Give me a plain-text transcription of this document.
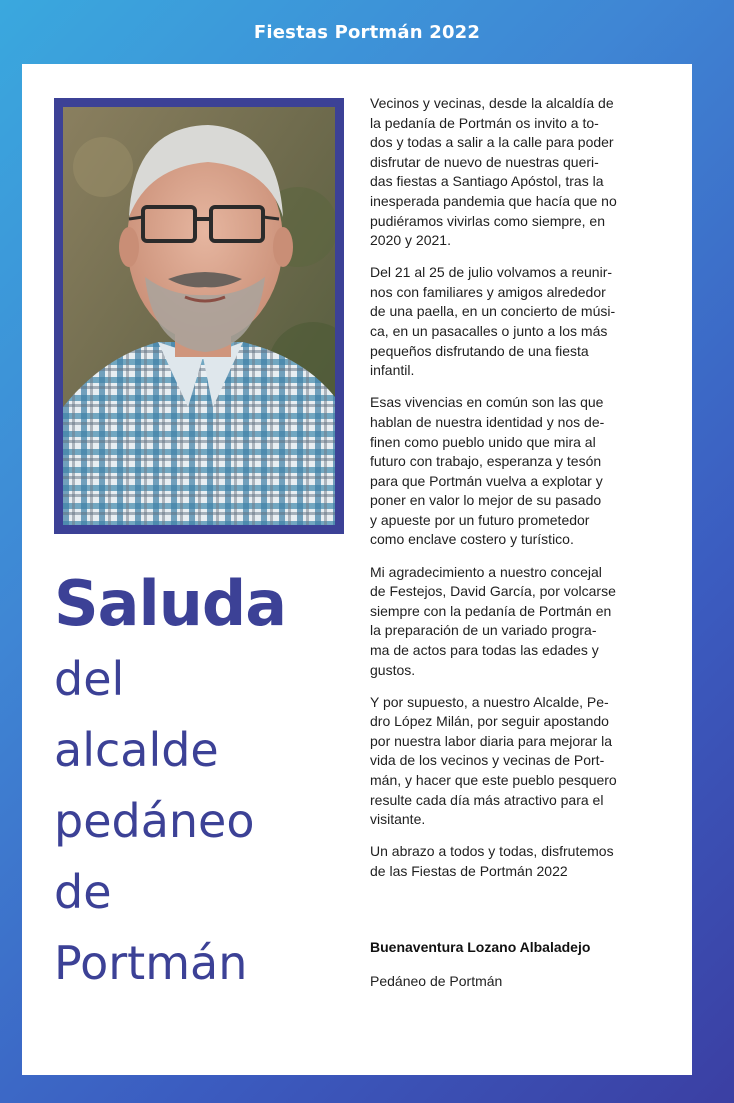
Fiestas Portmán 2022
Saluda
del
alcalde
pedáneo
de
Portmán

Vecinos y vecinas, desde la alcaldía de
la pedanía de Portmán os invito a to-
dos y todas a salir a la calle para poder
disfrutar de nuevo de nuestras queri-
das fiestas a Santiago Apóstol, tras la
inesperada pandemia que hacía que no
pudiéramos vivirlas como siempre, en
2020 y 2021.

Del 21 al 25 de julio volvamos a reunir-
nos con familiares y amigos alrededor
de una paella, en un concierto de músi-
ca, en un pasacalles o junto a los más
pequeños disfrutando de una fiesta
infantil.

Esas vivencias en común son las que
hablan de nuestra identidad y nos de-
finen como pueblo unido que mira al
futuro con trabajo, esperanza y tesón
para que Portmán vuelva a explotar y
poner en valor lo mejor de su pasado
y apueste por un futuro prometedor
como enclave costero y turístico.

Mi agradecimiento a nuestro concejal
de Festejos, David García, por volcarse
siempre con la pedanía de Portmán en
la preparación de un variado progra-
ma de actos para todas las edades y
gustos.

Y por supuesto, a nuestro Alcalde, Pe-
dro López Milán, por seguir apostando
por nuestra labor diaria para mejorar la
vida de los vecinos y vecinas de Port-
mán, y hacer que este pueblo pesquero
resulte cada día más atractivo para el
visitante.

Un abrazo a todos y todas, disfrutemos
de las Fiestas de Portmán 2022

Buenaventura Lozano Albaladejo
Pedáneo de Portmán
